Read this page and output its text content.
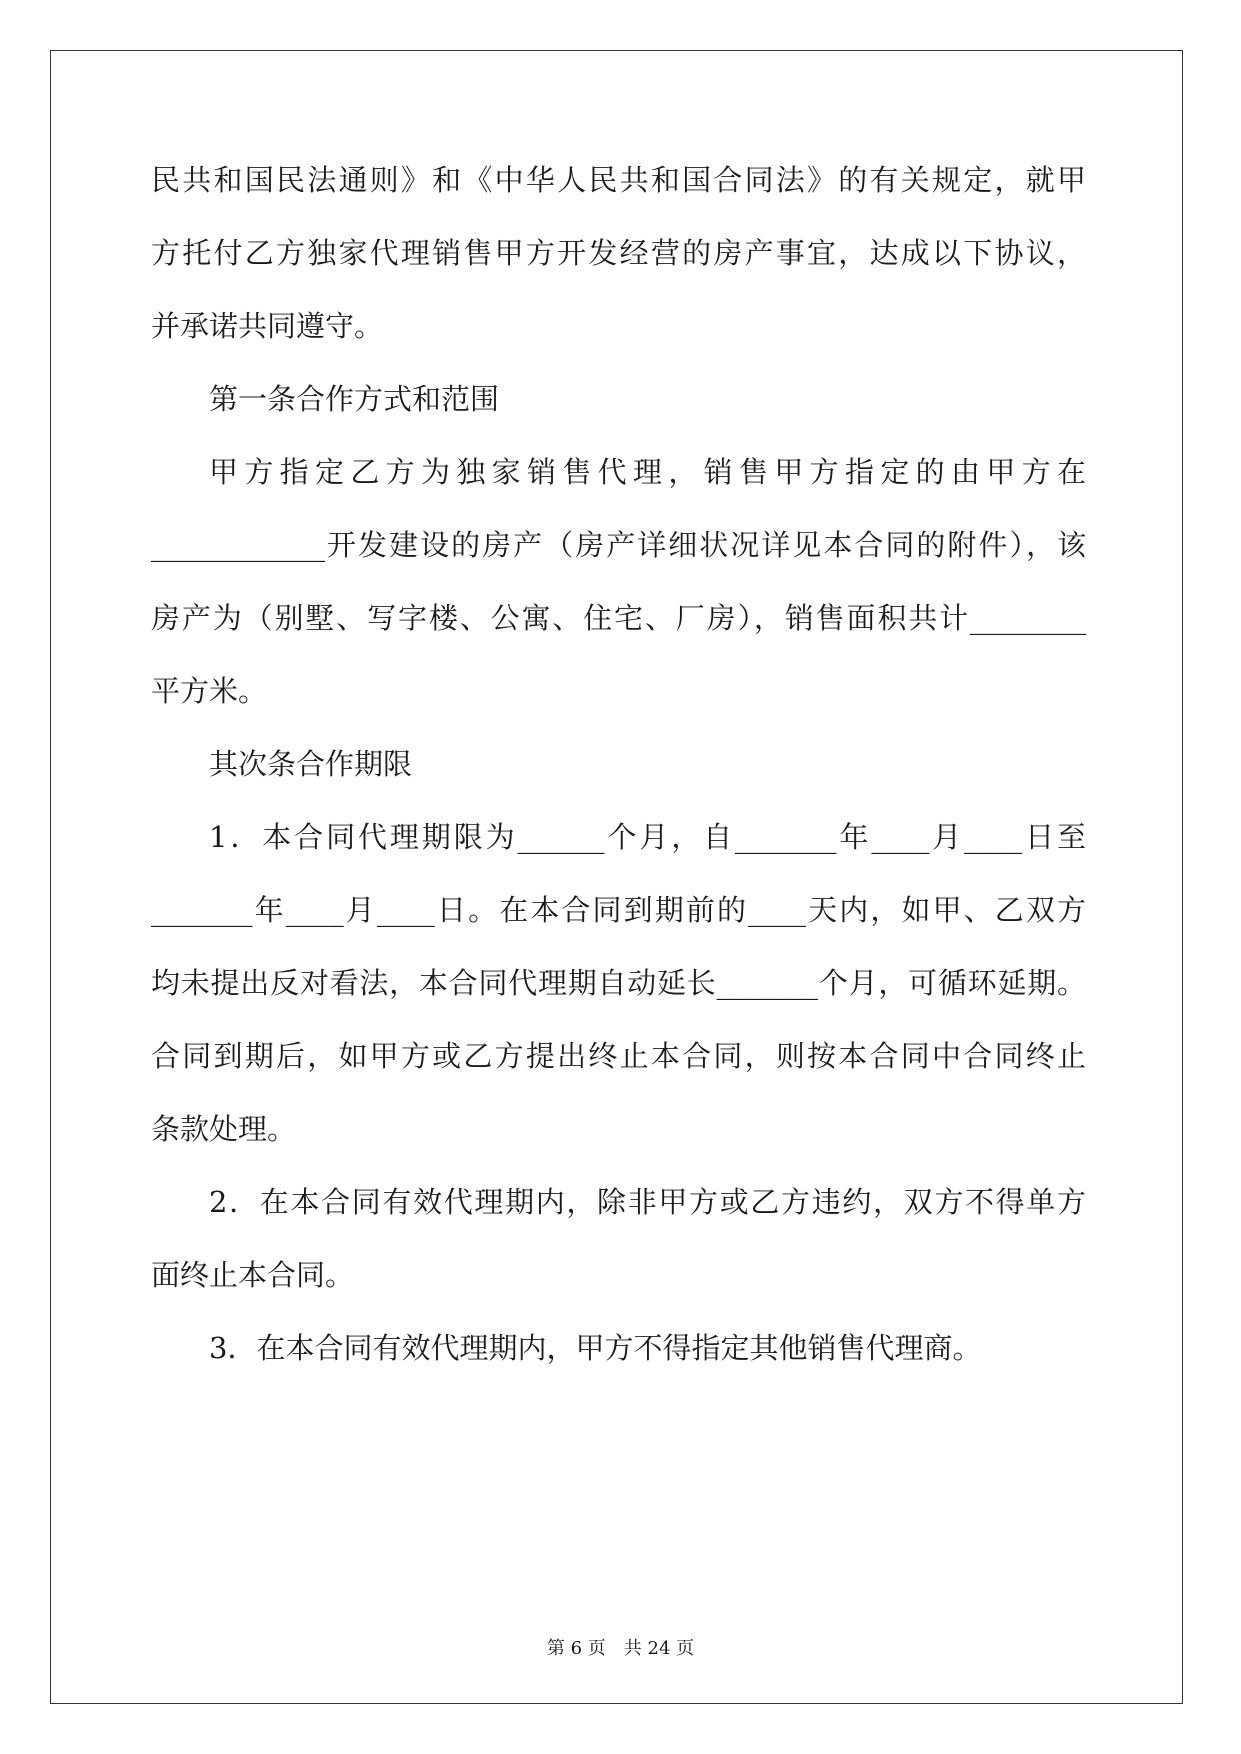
民共和国民法通则》和《中华人民共和国合同法》的有关规定，就甲
方托付乙方独家代理销售甲方开发经营的房产事宜，达成以下协议，
并承诺共同遵守。
第一条合作方式和范围
甲方指定乙方为独家销售代理，销售甲方指定的由甲方在
____________开发建设的房产（房产详细状况详见本合同的附件），该
房产为（别墅、写字楼、公寓、住宅、厂房），销售面积共计________
平方米。
其次条合作期限
1．本合同代理期限为______个月，自_______年____月____日至
_______年____月____日。在本合同到期前的____天内，如甲、乙双方
均未提出反对看法，本合同代理期自动延长_______个月，可循环延期。
合同到期后，如甲方或乙方提出终止本合同，则按本合同中合同终止
条款处理。
2．在本合同有效代理期内，除非甲方或乙方违约，双方不得单方
面终止本合同。
3．在本合同有效代理期内，甲方不得指定其他销售代理商。
第 6 页　共 24 页
